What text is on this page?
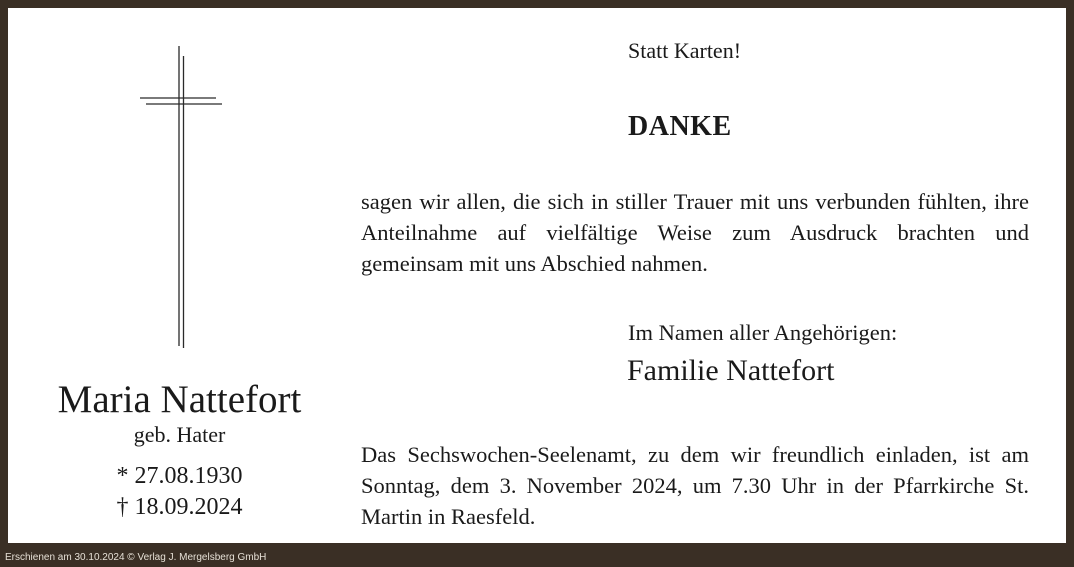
Maria Nattefort
geb. Hater
* 27.08.1930
† 18.09.2024
Statt Karten!
DANKE
sagen wir allen, die sich in stiller Trauer mit uns verbunden fühlten, ihre Anteilnahme auf vielfältige Weise zum Ausdruck brachten und gemeinsam mit uns Abschied nahmen.
Im Namen aller Angehörigen:
Familie Nattefort
Das Sechswochen-Seelenamt, zu dem wir freundlich einladen, ist am Sonntag, dem 3. November 2024, um 7.30 Uhr in der Pfarrkirche St. Martin in Raesfeld.
Erschienen am 30.10.2024 © Verlag J. Mergelsberg GmbH
